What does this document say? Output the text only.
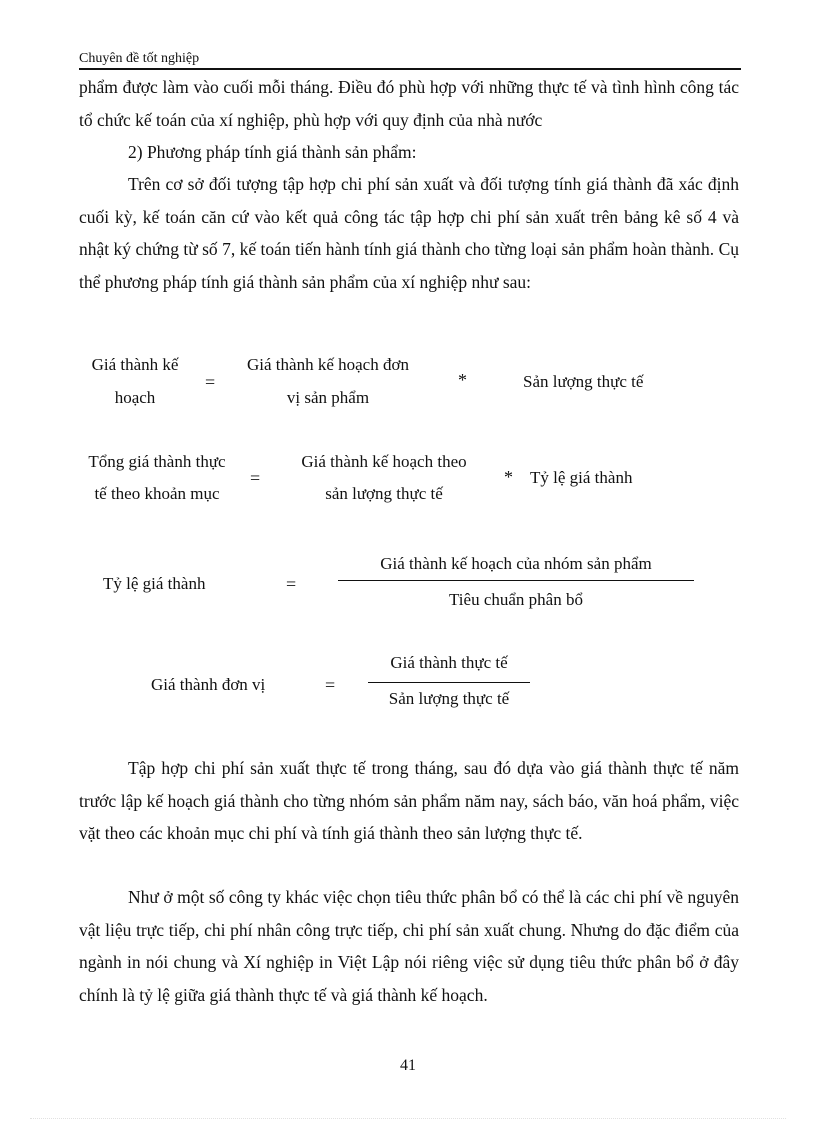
Chuyên đề tốt nghiệp

phẩm được làm vào cuối mỗi tháng. Điều đó phù hợp với những thực tế và tình hình công tác tổ chức kế toán của xí nghiệp, phù hợp với quy định của nhà nước

2) Phương pháp tính giá thành sản phẩm:

Trên cơ sở đối tượng tập hợp chi phí sản xuất và đối tượng tính giá thành đã xác định cuối kỳ, kế toán căn cứ vào kết quả công tác tập hợp chi phí sản xuất trên bảng kê số 4 và nhật ký chứng từ số 7, kế toán tiến hành tính giá thành cho từng loại sản phẩm hoàn thành. Cụ thể phương pháp tính giá thành sản phẩm của xí nghiệp như sau:

Giá thành kế
hoạch
=
Giá thành kế hoạch đơn
vị sản phẩm
*	Sản lượng thực tế
Tổng giá thành thực
tế theo khoản mục
=
Giá thành kế hoạch theo
sản lượng thực tế
* Tỷ lệ giá thành
Tỷ lệ giá thành	=
Giá thành kế hoạch của nhóm sản phẩm
Tiêu chuẩn phân bổ
Giá thành đơn vị	=
Giá thành thực tế
Sản lượng thực tế

Tập hợp chi phí sản xuất thực tế trong tháng, sau đó dựa vào giá thành thực tế năm trước lập kế hoạch giá thành cho từng nhóm sản phẩm năm nay, sách báo, văn hoá phẩm, việc vặt theo các khoản mục chi phí và tính giá thành theo sản lượng thực tế.

Như ở một số công ty khác việc chọn tiêu thức phân bổ có thể là các chi phí về nguyên vật liệu trực tiếp, chi phí nhân công trực tiếp, chi phí sản xuất chung. Nhưng do đặc điểm của ngành in nói chung và Xí nghiệp in Việt Lập nói riêng việc sử dụng tiêu thức phân bổ ở đây chính là tỷ lệ giữa giá thành thực tế và giá thành kế hoạch.

41
